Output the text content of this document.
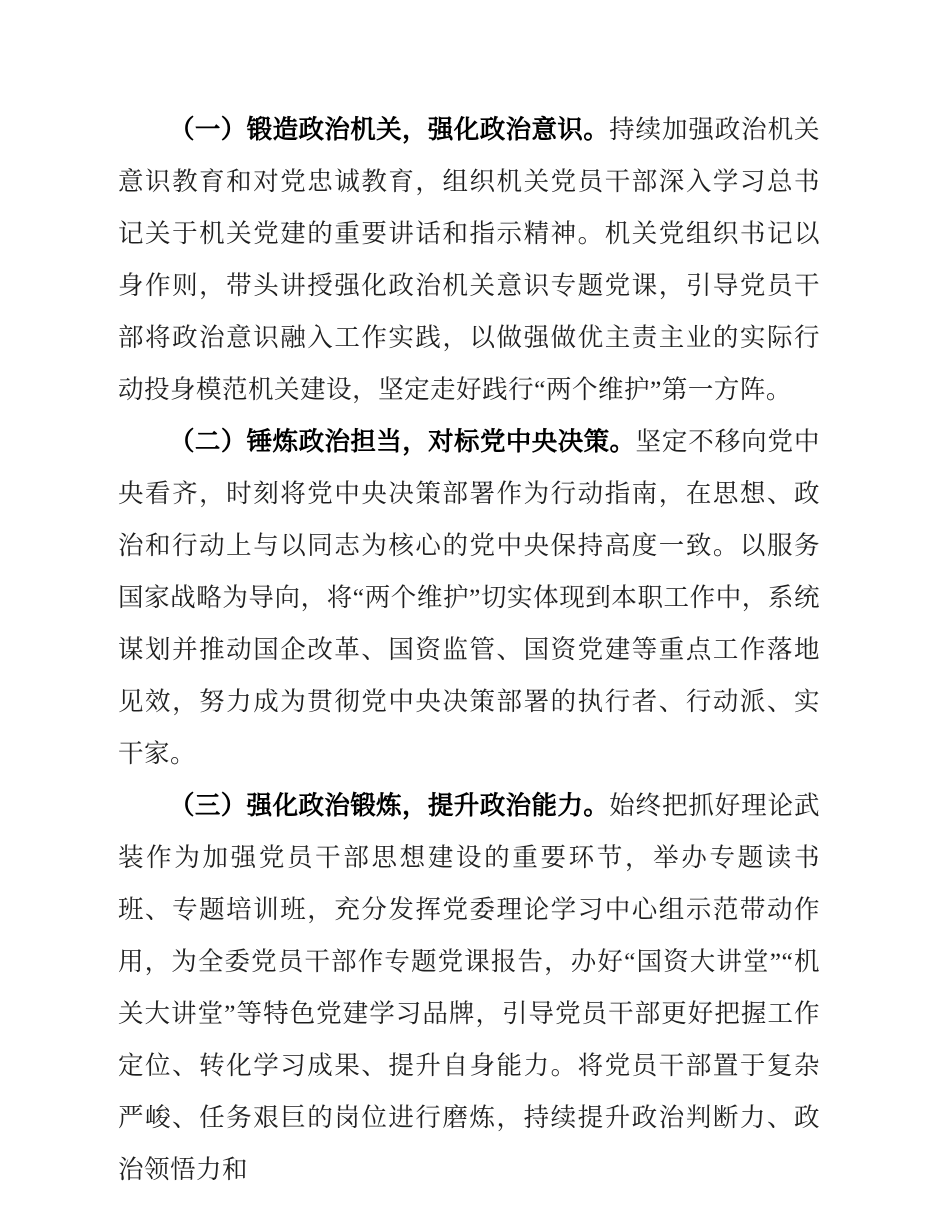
（一）锻造政治机关，强化政治意识。持续加强政治机关意识教育和对党忠诚教育，组织机关党员干部深入学习总书记关于机关党建的重要讲话和指示精神。机关党组织书记以身作则，带头讲授强化政治机关意识专题党课，引导党员干部将政治意识融入工作实践，以做强做优主责主业的实际行动投身模范机关建设，坚定走好践行“两个维护”第一方阵。

（二）锤炼政治担当，对标党中央决策。坚定不移向党中央看齐，时刻将党中央决策部署作为行动指南，在思想、政治和行动上与以同志为核心的党中央保持高度一致。以服务国家战略为导向，将“两个维护”切实体现到本职工作中，系统谋划并推动国企改革、国资监管、国资党建等重点工作落地见效，努力成为贯彻党中央决策部署的执行者、行动派、实干家。

（三）强化政治锻炼，提升政治能力。始终把抓好理论武装作为加强党员干部思想建设的重要环节，举办专题读书班、专题培训班，充分发挥党委理论学习中心组示范带动作用，为全委党员干部作专题党课报告，办好“国资大讲堂”“机关大讲堂”等特色党建学习品牌，引导党员干部更好把握工作定位、转化学习成果、提升自身能力。将党员干部置于复杂严峻、任务艰巨的岗位进行磨炼，持续提升政治判断力、政治领悟力和
